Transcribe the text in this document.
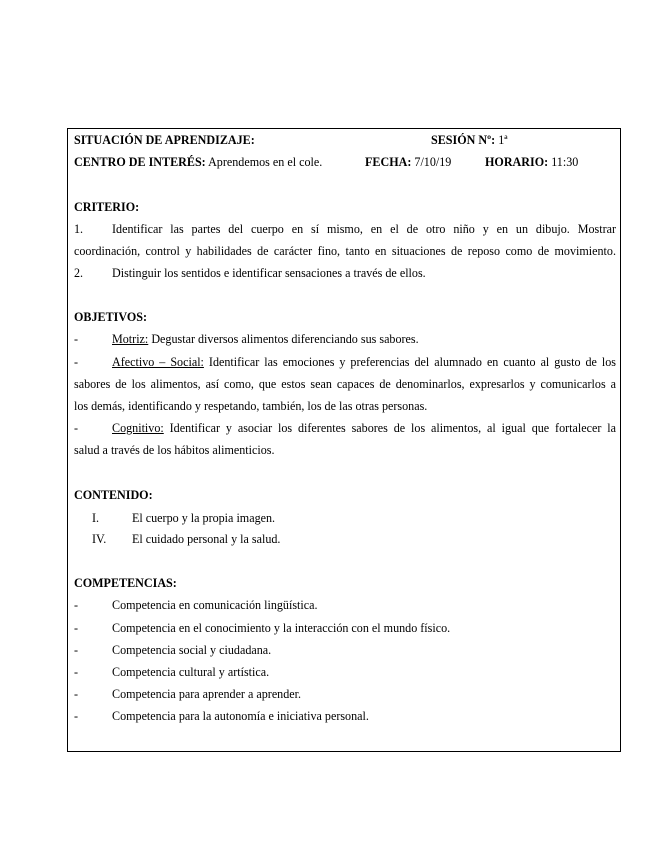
SITUACIÓN DE APRENDIZAJE:	SESIÓN Nº: 1ª
CENTRO DE INTERÉS: Aprendemos en el cole.	FECHA: 7/10/19	HORARIO: 11:30
CRITERIO:
1. Identificar las partes del cuerpo en sí mismo, en el de otro niño y en un dibujo. Mostrar
coordinación, control y habilidades de carácter fino, tanto en situaciones de reposo como de movimiento.
2. Distinguir los sentidos e identificar sensaciones a través de ellos.
OBJETIVOS:
-	Motriz: Degustar diversos alimentos diferenciando sus sabores.
-	Afectivo – Social: Identificar las emociones y preferencias del alumnado en cuanto al gusto de los
sabores de los alimentos, así como, que estos sean capaces de denominarlos, expresarlos y comunicarlos a
los demás, identificando y respetando, también, los de las otras personas.
-	Cognitivo: Identificar y asociar los diferentes sabores de los alimentos, al igual que fortalecer la
salud a través de los hábitos alimenticios.
CONTENIDO:
I.	El cuerpo y la propia imagen.
IV. El cuidado personal y la salud.
COMPETENCIAS:
-	Competencia en comunicación lingüística.
-	Competencia en el conocimiento y la interacción con el mundo físico.
-	Competencia social y ciudadana.
-	Competencia cultural y artística.
-	Competencia para aprender a aprender.
-	Competencia para la autonomía e iniciativa personal.
